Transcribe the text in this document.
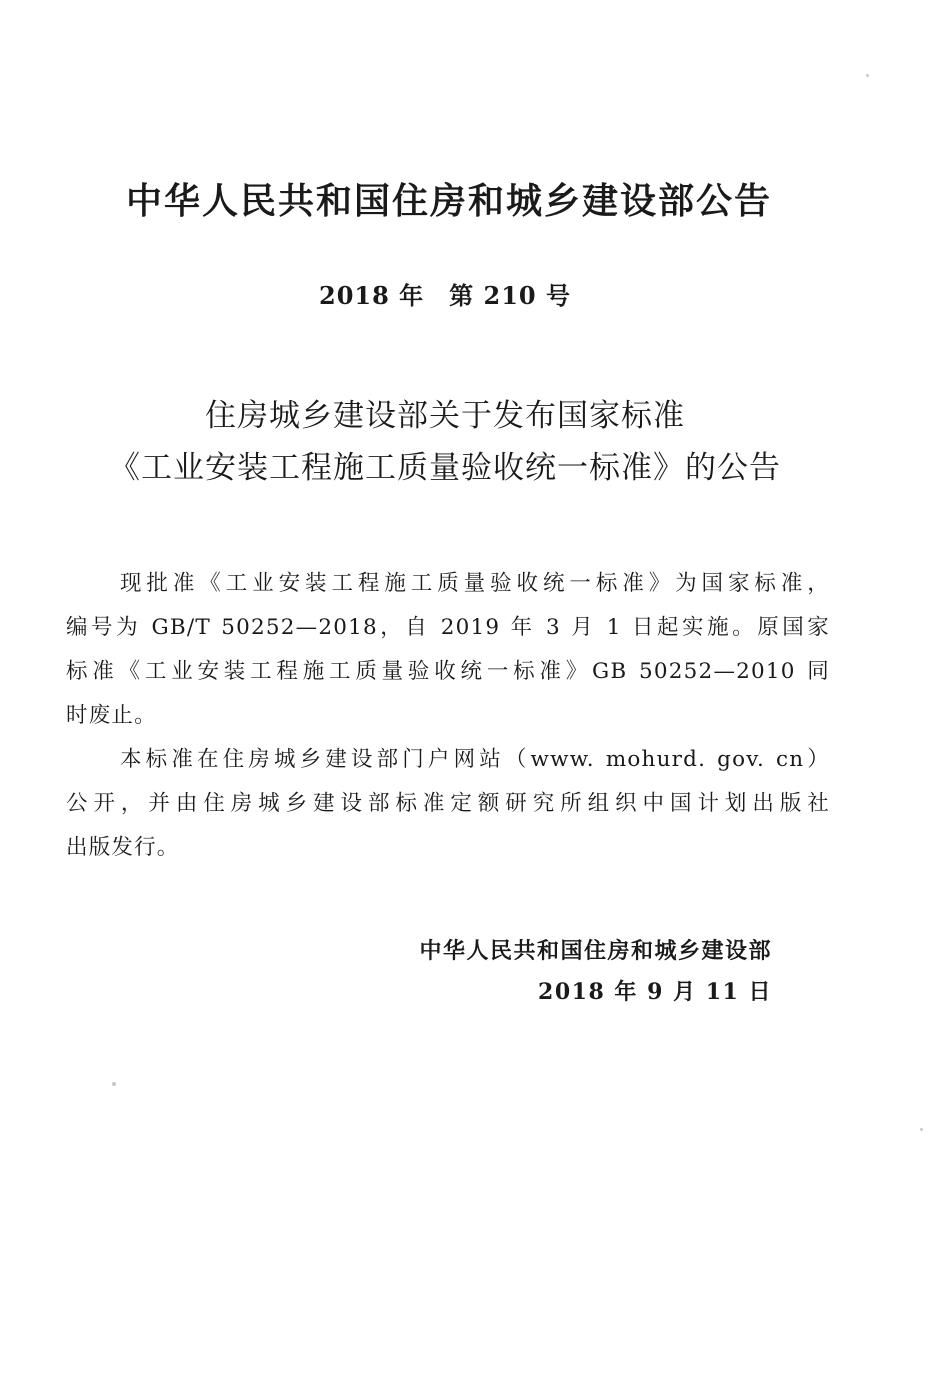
中华人民共和国住房和城乡建设部公告
2018 年　第 210 号
住房城乡建设部关于发布国家标准
《工业安装工程施工质量验收统一标准》的公告
现批准《工业安装工程施工质量验收统一标准》为国家标准，
编号为 GB/T 50252—2018，自 2019 年 3 月 1 日起实施。原国家
标准《工业安装工程施工质量验收统一标准》GB 50252—2010 同
时废止。
本标准在住房城乡建设部门户网站（www. mohurd. gov. cn）
公开，并由住房城乡建设部标准定额研究所组织中国计划出版社
出版发行。
中华人民共和国住房和城乡建设部
2018 年 9 月 11 日
